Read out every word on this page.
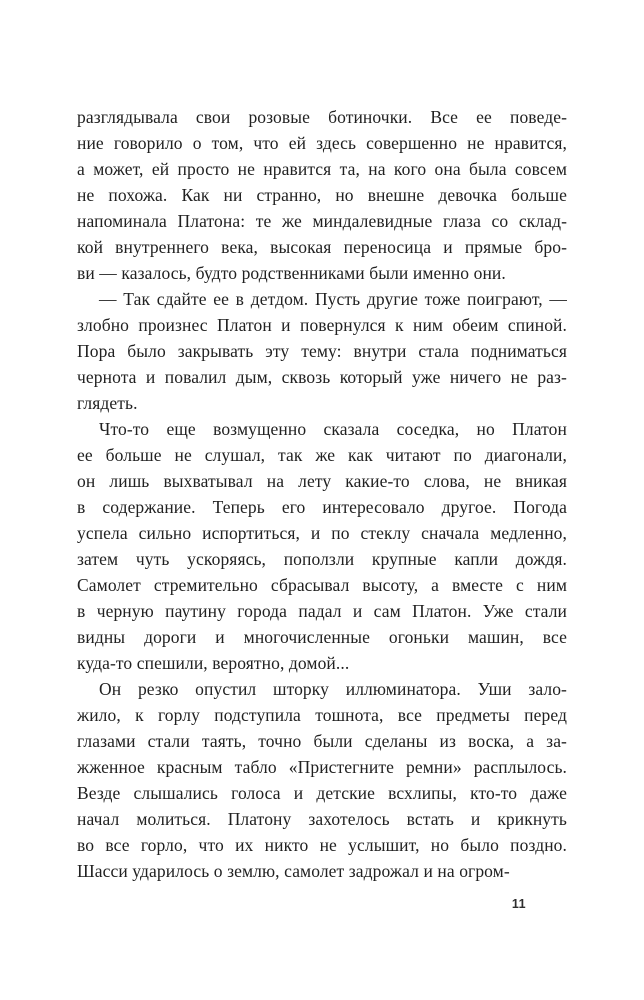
разглядывала свои розовые ботиночки. Все ее поведе-
ние говорило о том, что ей здесь совершенно не нравится,
а может, ей просто не нравится та, на кого она была совсем
не похожа. Как ни странно, но внешне девочка больше
напоминала Платона: те же миндалевидные глаза со склад-
кой внутреннего века, высокая переносица и прямые бро-
ви — казалось, будто родственниками были именно они.
— Так сдайте ее в детдом. Пусть другие тоже поиграют, —
злобно произнес Платон и повернулся к ним обеим спиной.
Пора было закрывать эту тему: внутри стала подниматься
чернота и повалил дым, сквозь который уже ничего не раз-
глядеть.
Что-то еще возмущенно сказала соседка, но Платон
ее больше не слушал, так же как читают по диагонали,
он лишь выхватывал на лету какие-то слова, не вникая
в содержание. Теперь его интересовало другое. Погода
успела сильно испортиться, и по стеклу сначала медленно,
затем чуть ускоряясь, поползли крупные капли дождя.
Самолет стремительно сбрасывал высоту, а вместе с ним
в черную паутину города падал и сам Платон. Уже стали
видны дороги и многочисленные огоньки машин, все
куда-то спешили, вероятно, домой...
Он резко опустил шторку иллюминатора. Уши зало-
жило, к горлу подступила тошнота, все предметы перед
глазами стали таять, точно были сделаны из воска, а за-
жженное красным табло «Пристегните ремни» расплылось.
Везде слышались голоса и детские всхлипы, кто-то даже
начал молиться. Платону захотелось встать и крикнуть
во все горло, что их никто не услышит, но было поздно.
Шасси ударилось о землю, самолет задрожал и на огром-
11
